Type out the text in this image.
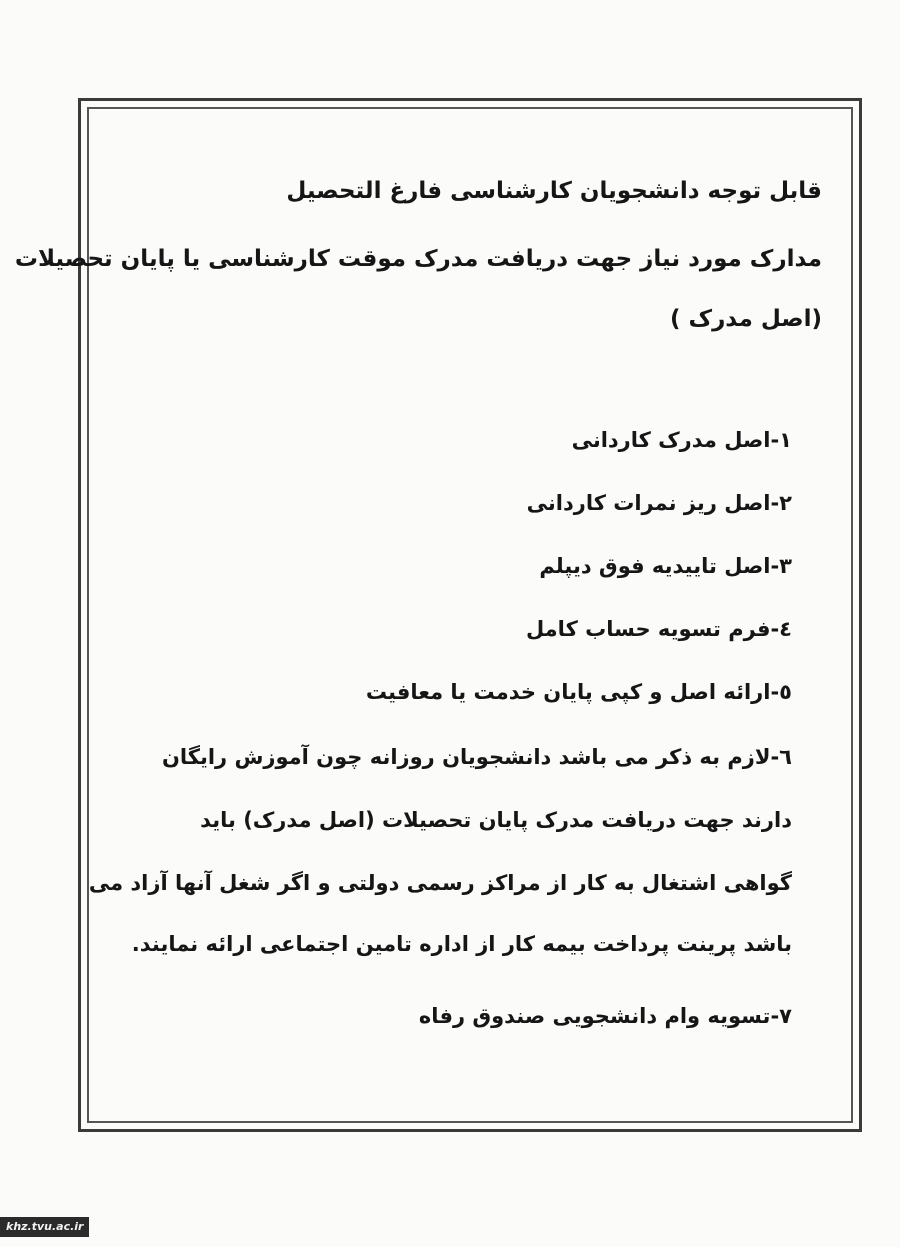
قابل توجه دانشجویان کارشناسی فارغ التحصیل
مدارک مورد نیاز جهت دریافت مدرک موقت کارشناسی یا پایان تحصیلات
(اصل مدرک )
۱-اصل مدرک کاردانی
۲-اصل ریز نمرات کاردانی
۳-اصل تاییدیه فوق دیپلم
٤-فرم تسویه حساب کامل
٥-ارائه اصل و کپی پایان خدمت یا معافیت
٦-لازم به ذکر می باشد دانشجویان روزانه چون آموزش رایگان
دارند جهت دریافت مدرک پایان تحصیلات (اصل مدرک) باید
گواهی اشتغال به کار از مراکز رسمی دولتی و اگر شغل آنها آزاد می
باشد پرینت پرداخت بیمه کار از اداره تامین اجتماعی ارائه نمایند.
۷-تسویه وام دانشجویی صندوق رفاه
khz.tvu.ac.ir
